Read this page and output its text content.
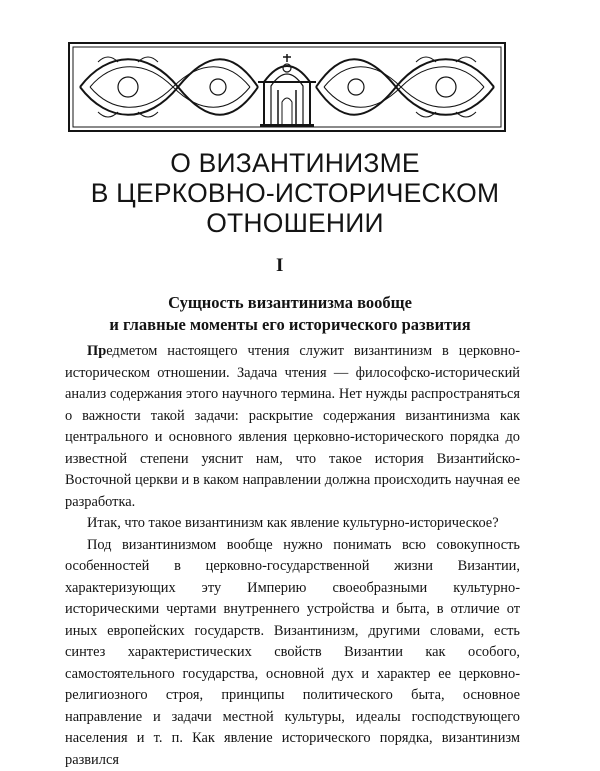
О ВИЗАНТИНИЗМЕ
В ЦЕРКОВНО-ИСТОРИЧЕСКОМ
ОТНОШЕНИИ
I
Сущность византинизма вообще
и главные моменты его исторического развития

Предметом настоящего чтения служит византинизм в церковно-историческом отношении. Задача чтения — философско-исторический анализ содержания этого научного термина. Нет нужды распространяться о важности такой задачи: раскрытие содержания византинизма как центрального и основного явления церковно-исторического порядка до известной степени уяснит нам, что такое история Византийско-Восточной церкви и в каком направлении должна происходить научная ее разработка.

Итак, что такое византинизм как явление культурно-историческое?

Под византинизмом вообще нужно понимать всю совокупность особенностей в церковно-государственной жизни Византии, характеризующих эту Империю своеобразными культурно-историческими чертами внутреннего устройства и быта, в отличие от иных европейских государств. Византинизм, другими словами, есть синтез характеристических свойств Византии как особого, самостоятельного государства, основной дух и характер ее церковно-религиозного строя, принципы политического быта, основное направление и задачи местной культуры, идеалы господствующего населения и т. п. Как явление исторического порядка, византинизм развился
